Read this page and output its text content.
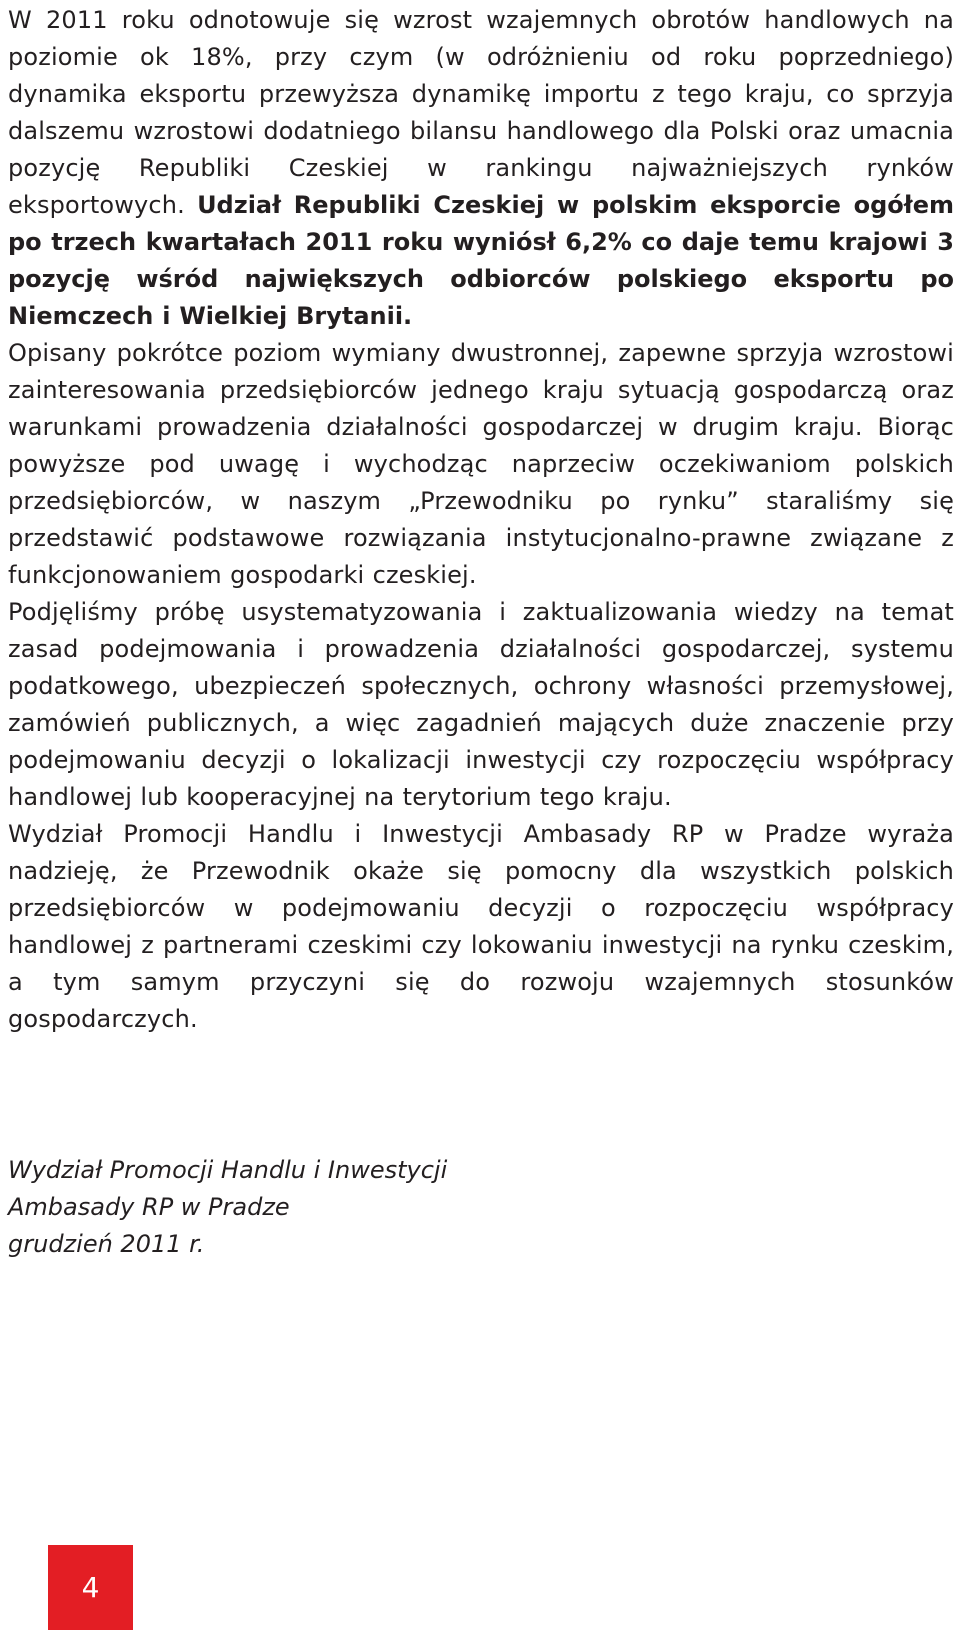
W 2011 roku odnotowuje się wzrost wzajemnych obrotów handlowych na poziomie ok 18%, przy czym (w odróżnieniu od roku poprzedniego) dynamika eksportu przewyższa dynamikę importu z tego kraju, co sprzyja dalszemu wzrostowi dodatniego bilansu handlowego dla Polski oraz umacnia pozycję Republiki Czeskiej w rankingu najważniejszych rynków eksportowych. Udział Republiki Czeskiej w polskim eksporcie ogółem po trzech kwartałach 2011 roku wyniósł 6,2% co daje temu krajowi 3 pozycję wśród największych odbiorców polskiego eksportu po Niemczech i Wielkiej Brytanii.

Opisany pokrótce poziom wymiany dwustronnej, zapewne sprzyja wzrostowi zainteresowania przedsiębiorców jednego kraju sytuacją gospodarczą oraz warunkami prowadzenia działalności gospodarczej w drugim kraju. Biorąc powyższe pod uwagę i wychodząc naprzeciw oczekiwaniom polskich przedsiębiorców, w naszym „Przewodniku po rynku” staraliśmy się przedstawić podstawowe rozwiązania instytucjonalno-prawne związane z funkcjonowaniem gospodarki czeskiej.

Podjęliśmy próbę usystematyzowania i zaktualizowania wiedzy na temat zasad podejmowania i prowadzenia działalności gospodarczej, systemu podatkowego, ubezpieczeń społecznych, ochrony własności przemysłowej, zamówień publicznych, a więc zagadnień mających duże znaczenie przy podejmowaniu decyzji o lokalizacji inwestycji czy rozpoczęciu współpracy handlowej lub kooperacyjnej na terytorium tego kraju.

Wydział Promocji Handlu i Inwestycji Ambasady RP w Pradze wyraża nadzieję, że Przewodnik okaże się pomocny dla wszystkich polskich przedsiębiorców w podejmowaniu decyzji o rozpoczęciu współpracy handlowej z partnerami czeskimi czy lokowaniu inwestycji na rynku czeskim, a tym samym przyczyni się do rozwoju wzajemnych stosunków gospodarczych.

Wydział Promocji Handlu i Inwestycji
Ambasady RP w Pradze
grudzień 2011 r.
4
